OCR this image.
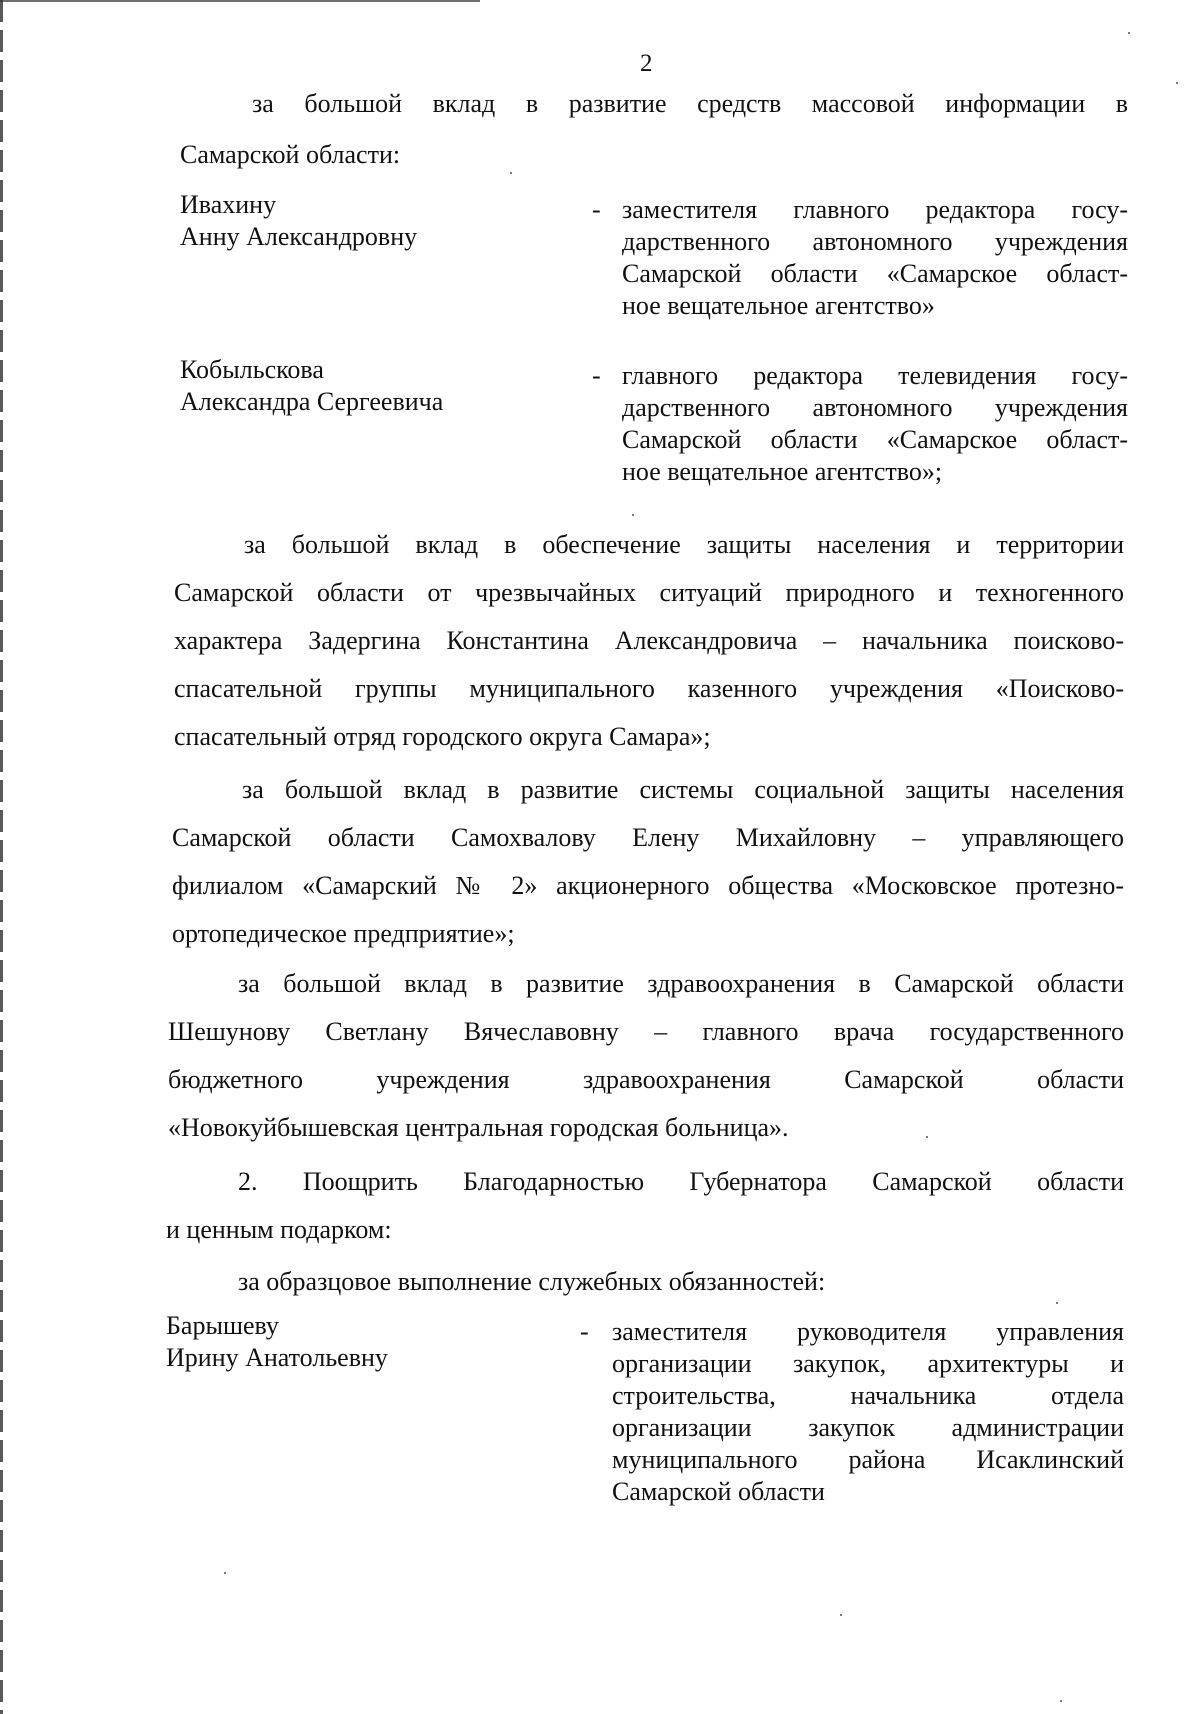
2
за большой вклад в развитие средств массовой информации в
Самарской области:
Ивахину
Анну Александровну
- заместителя главного редактора госу-
дарственного автономного учреждения
Самарской области «Самарское област-
ное вещательное агентство»
Кобыльскова
Александра Сергеевича
- главного редактора телевидения госу-
дарственного автономного учреждения
Самарской области «Самарское област-
ное вещательное агентство»;
за большой вклад в обеспечение защиты населения и территории
Самарской области от чрезвычайных ситуаций природного и техногенного
характера Задергина Константина Александровича – начальника поисково-
спасательной группы муниципального казенного учреждения «Поисково-
спасательный отряд городского округа Самара»;
за большой вклад в развитие системы социальной защиты населения
Самарской области Самохвалову Елену Михайловну – управляющего
филиалом «Самарский № 2» акционерного общества «Московское протезно-
ортопедическое предприятие»;
за большой вклад в развитие здравоохранения в Самарской области
Шешунову Светлану Вячеславовну – главного врача государственного
бюджетного учреждения здравоохранения Самарской области
«Новокуйбышевская центральная городская больница».
2. Поощрить Благодарностью Губернатора Самарской области
и ценным подарком:
за образцовое выполнение служебных обязанностей:
Барышеву
Ирину Анатольевну
- заместителя руководителя управления
организации закупок, архитектуры и
строительства, начальника отдела
организации закупок администрации
муниципального района Исаклинский
Самарской области
